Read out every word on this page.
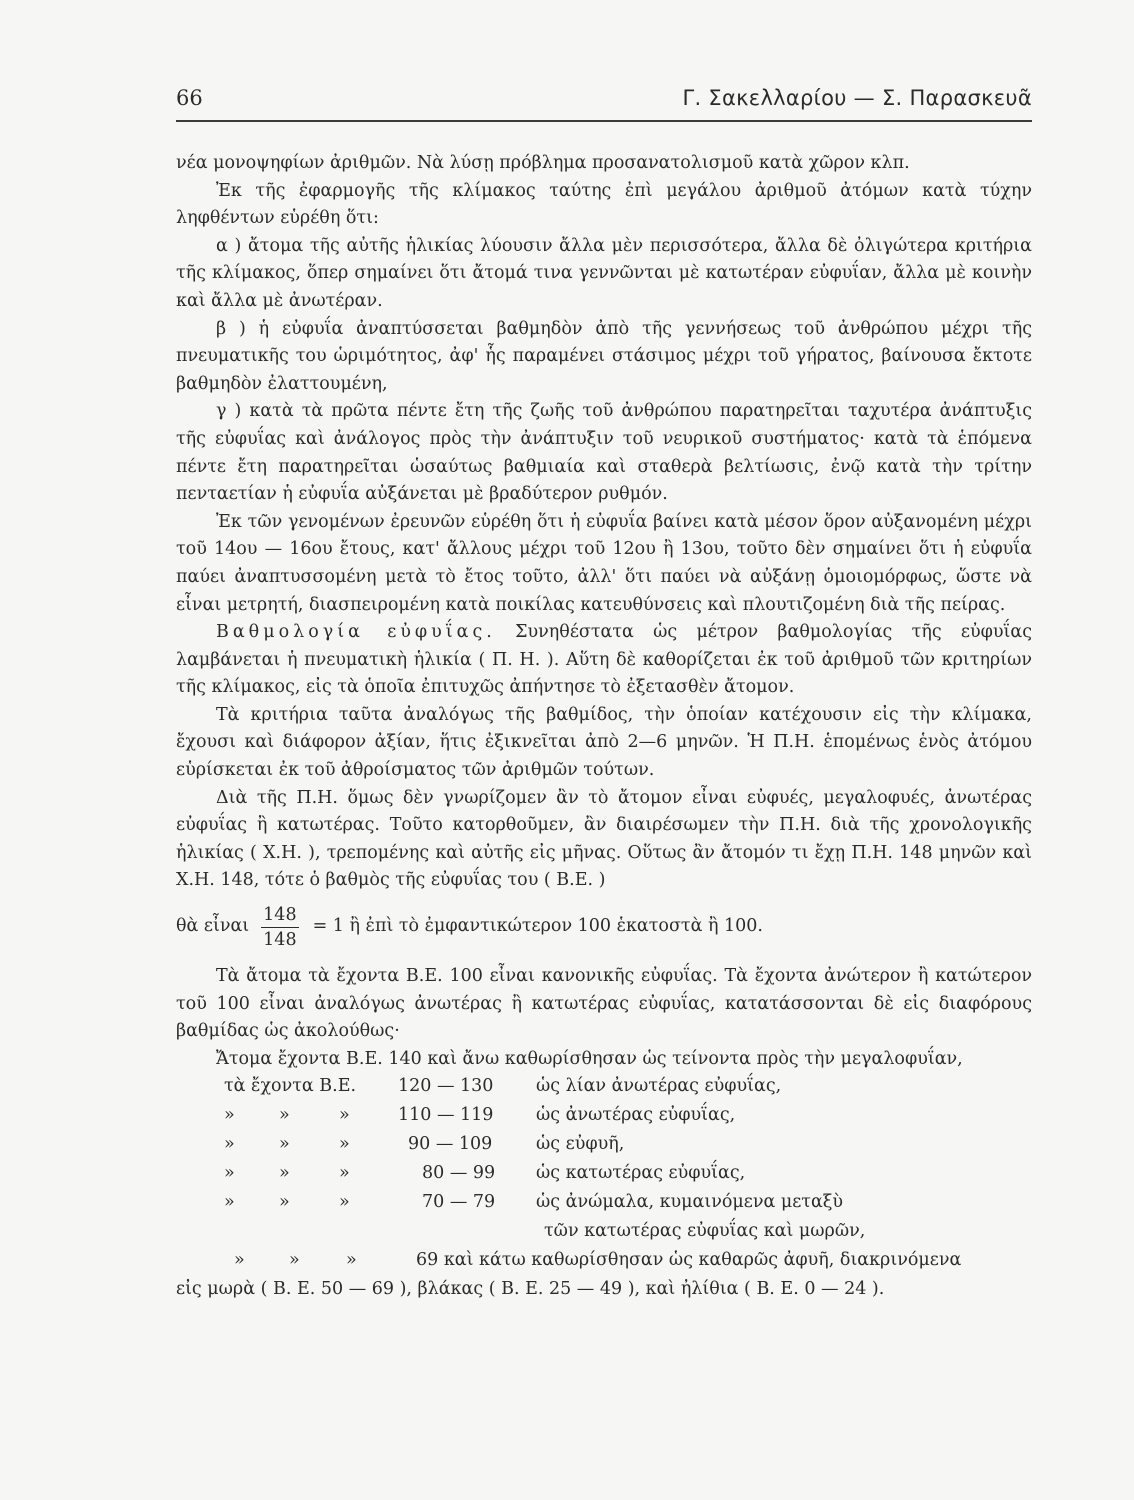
66	Γ. Σακελλαρίου — Σ. Παρασκευᾶ

νέα μονοψηφίων ἀριθμῶν. Νὰ λύσῃ πρόβλημα προσανατολισμοῦ κατὰ χῶρον κλπ.

Ἐκ τῆς ἐφαρμογῆς τῆς κλίμακος ταύτης ἐπὶ μεγάλου ἀριθμοῦ ἀτόμων κατὰ τύχην ληφθέντων εὑρέθη ὅτι:

α ) ἄτομα τῆς αὐτῆς ἡλικίας λύουσιν ἄλλα μὲν περισσότερα, ἄλλα δὲ ὀλιγώτερα κριτήρια τῆς κλίμακος, ὅπερ σημαίνει ὅτι ἄτομά τινα γεννῶνται μὲ κατωτέραν εὐφυΐαν, ἄλλα μὲ κοινὴν καὶ ἄλλα μὲ ἀνωτέραν.

β ) ἡ εὐφυΐα ἀναπτύσσεται βαθμηδὸν ἀπὸ τῆς γεννήσεως τοῦ ἀνθρώπου μέχρι τῆς πνευματικῆς του ὡριμότητος, ἀφ' ἧς παραμένει στάσιμος μέχρι τοῦ γήρατος, βαίνουσα ἔκτοτε βαθμηδὸν ἐλαττουμένη,

γ ) κατὰ τὰ πρῶτα πέντε ἔτη τῆς ζωῆς τοῦ ἀνθρώπου παρατηρεῖται ταχυτέρα ἀνάπτυξις τῆς εὐφυΐας καὶ ἀνάλογος πρὸς τὴν ἀνάπτυξιν τοῦ νευρικοῦ συστήματος· κατὰ τὰ ἑπόμενα πέντε ἔτη παρατηρεῖται ὡσαύτως βαθμιαία καὶ σταθερὰ βελτίωσις, ἐνῷ κατὰ τὴν τρίτην πενταετίαν ἡ εὐφυΐα αὐξάνεται μὲ βραδύτερον ρυθμόν.

Ἐκ τῶν γενομένων ἐρευνῶν εὑρέθη ὅτι ἡ εὐφυΐα βαίνει κατὰ μέσον ὅρον αὐξανομένη μέχρι τοῦ 14ου — 16ου ἔτους, κατ' ἄλλους μέχρι τοῦ 12ου ἢ 13ου, τοῦτο δὲν σημαίνει ὅτι ἡ εὐφυΐα παύει ἀναπτυσσομένη μετὰ τὸ ἔτος τοῦτο, ἀλλ' ὅτι παύει νὰ αὐξάνῃ ὁμοιομόρφως, ὥστε νὰ εἶναι μετρητή, διασπειρομένη κατὰ ποικίλας κατευθύνσεις καὶ πλουτιζομένη διὰ τῆς πείρας.

Βαθμολογία εὐφυΐας. Συνηθέστατα ὡς μέτρον βαθμολογίας τῆς εὐφυΐας λαμβάνεται ἡ πνευματικὴ ἡλικία ( Π. Η. ). Αὕτη δὲ καθορίζεται ἐκ τοῦ ἀριθμοῦ τῶν κριτηρίων τῆς κλίμακος, εἰς τὰ ὁποῖα ἐπιτυχῶς ἀπήντησε τὸ ἐξετασθὲν ἄτομον.

Τὰ κριτήρια ταῦτα ἀναλόγως τῆς βαθμίδος, τὴν ὁποίαν κατέχουσιν εἰς τὴν κλίμακα, ἔχουσι καὶ διάφορον ἀξίαν, ἥτις ἐξικνεῖται ἀπὸ 2—6 μηνῶν. Ἡ Π.Η. ἑπομένως ἑνὸς ἀτόμου εὑρίσκεται ἐκ τοῦ ἀθροίσματος τῶν ἀριθμῶν τούτων.

Διὰ τῆς Π.Η. ὅμως δὲν γνωρίζομεν ἂν τὸ ἄτομον εἶναι εὐφυές, μεγαλοφυές, ἀνωτέρας εὐφυΐας ἢ κατωτέρας. Τοῦτο κατορθοῦμεν, ἂν διαιρέσωμεν τὴν Π.Η. διὰ τῆς χρονολογικῆς ἡλικίας ( Χ.Η. ), τρεπομένης καὶ αὐτῆς εἰς μῆνας. Οὕτως ἂν ἄτομόν τι ἔχῃ Π.Η. 148 μηνῶν καὶ Χ.Η. 148, τότε ὁ βαθμὸς τῆς εὐφυΐας του ( Β.Ε. )

θὰ εἶναι $\frac{148}{148} = 1$ ἢ ἐπὶ τὸ ἐμφαντικώτερον 100 ἑκατοστὰ ἢ 100.

Τὰ ἄτομα τὰ ἔχοντα Β.Ε. 100 εἶναι κανονικῆς εὐφυΐας. Τὰ ἔχοντα ἀνώτερον ἢ κατώτερον τοῦ 100 εἶναι ἀναλόγως ἀνωτέρας ἢ κατωτέρας εὐφυΐας, κατατάσσονται δὲ εἰς διαφόρους βαθμίδας ὡς ἀκολούθως·

Ἄτομα ἔχοντα Β.Ε. 140 καὶ ἄνω καθωρίσθησαν ὡς τείνοντα πρὸς τὴν μεγαλοφυΐαν,

τὰ ἔχοντα Β.Ε. 120 — 130 ὡς λίαν ἀνωτέρας εὐφυΐας,
»	»	»	110 — 119 ὡς ἀνωτέρας εὐφυΐας,
»	»	»	90 — 109 ὡς εὐφυῆ,
»	»	»	80 — 99 ὡς κατωτέρας εὐφυΐας,
»	»	»	70 — 79 ὡς ἀνώμαλα, κυμαινόμενα μεταξὺ
τῶν κατωτέρας εὐφυΐας καὶ μωρῶν,
»	»	»	69 καὶ κάτω καθωρίσθησαν ὡς καθαρῶς ἀφυῆ, διακρινόμενα
εἰς μωρὰ ( Β. Ε. 50 — 69 ), βλάκας ( Β. Ε. 25 — 49 ), καὶ ἠλίθια ( Β. Ε. 0 — 24 ).
